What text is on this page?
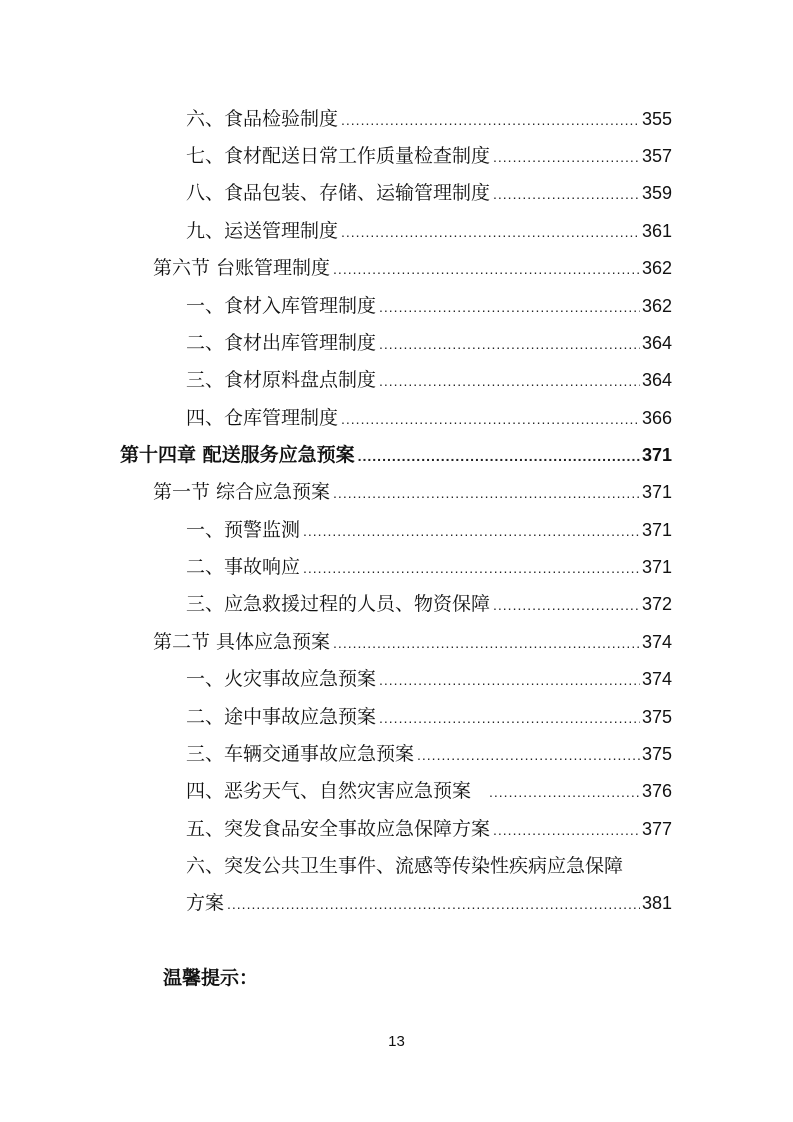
六、食品检验制度 .....	355
七、食材配送日常工作质量检查制度 .....	357
八、食品包装、存储、运输管理制度 .....	359
九、运送管理制度 .....	361
第六节 台账管理制度 .....	362
一、食材入库管理制度 .....	362
二、食材出库管理制度 .....	364
三、食材原料盘点制度 .....	364
四、仓库管理制度 .....	366
第十四章 配送服务应急预案 .....	371
第一节 综合应急预案 .....	371
一、预警监测 .....	371
二、事故响应 .....	371
三、应急救援过程的人员、物资保障 .....	372
第二节 具体应急预案 .....	374
一、火灾事故应急预案 .....	374
二、途中事故应急预案 .....	375
三、车辆交通事故应急预案 .....	375
四、恶劣天气、自然灾害应急预案 .....	376
五、突发食品安全事故应急保障方案 .....	377
六、突发公共卫生事件、流感等传染性疾病应急保障
方案 .....	381
温馨提示：
13
